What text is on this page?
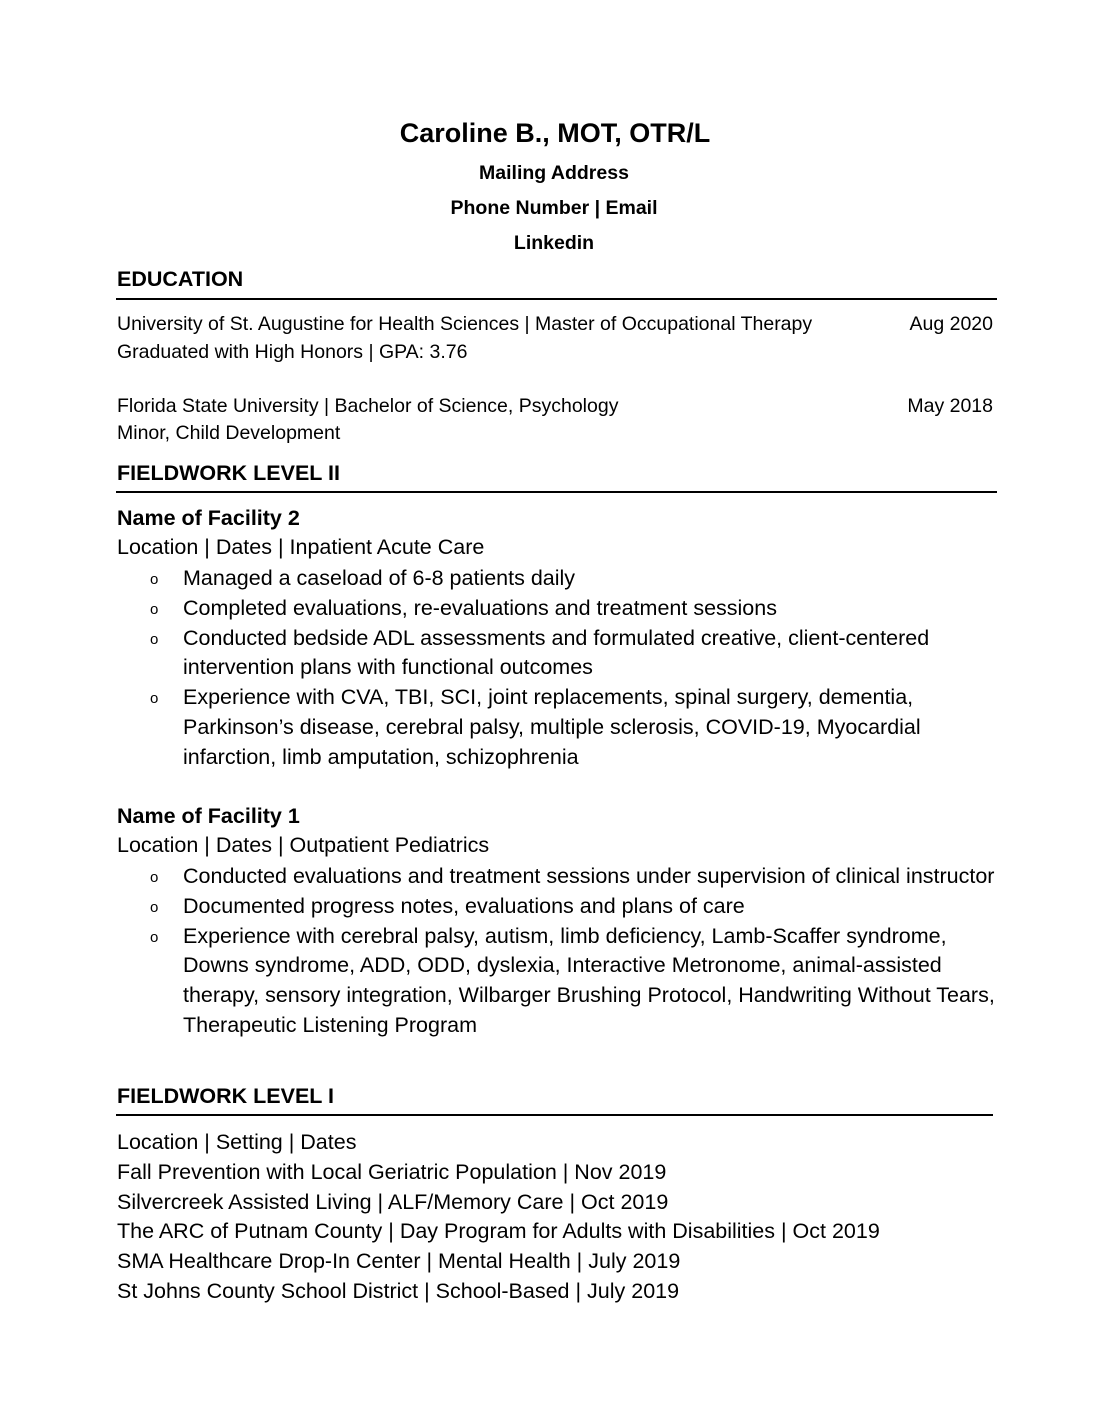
Caroline B., MOT, OTR/L
Mailing Address
Phone Number | Email
Linkedin
EDUCATION
University of St. Augustine for Health Sciences | Master of Occupational Therapy	Aug 2020
Graduated with High Honors | GPA: 3.76
Florida State University | Bachelor of Science, Psychology	May 2018
Minor, Child Development
FIELDWORK LEVEL II
Name of Facility 2
Location | Dates | Inpatient Acute Care
o Managed a caseload of 6-8 patients daily
o Completed evaluations, re-evaluations and treatment sessions
o Conducted bedside ADL assessments and formulated creative, client-centered intervention plans with functional outcomes
o Experience with CVA, TBI, SCI, joint replacements, spinal surgery, dementia, Parkinson’s disease, cerebral palsy, multiple sclerosis, COVID-19, Myocardial infarction, limb amputation, schizophrenia
Name of Facility 1
Location | Dates | Outpatient Pediatrics
o Conducted evaluations and treatment sessions under supervision of clinical instructor
o Documented progress notes, evaluations and plans of care
o Experience with cerebral palsy, autism, limb deficiency, Lamb-Scaffer syndrome, Downs syndrome, ADD, ODD, dyslexia, Interactive Metronome, animal-assisted therapy, sensory integration, Wilbarger Brushing Protocol, Handwriting Without Tears, Therapeutic Listening Program
FIELDWORK LEVEL I
Location | Setting | Dates
Fall Prevention with Local Geriatric Population | Nov 2019
Silvercreek Assisted Living | ALF/Memory Care | Oct 2019
The ARC of Putnam County | Day Program for Adults with Disabilities | Oct 2019
SMA Healthcare Drop-In Center | Mental Health | July 2019
St Johns County School District | School-Based | July 2019
